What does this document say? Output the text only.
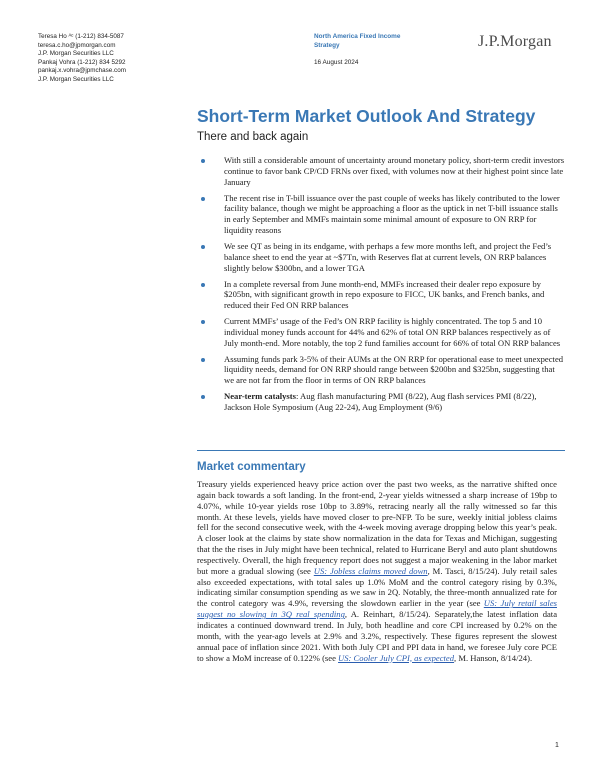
Teresa Ho ᴬᶜ (1-212) 834-5087
teresa.c.ho@jpmorgan.com
J.P. Morgan Securities LLC
Pankaj Vohra (1-212) 834 5292
pankaj.x.vohra@jpmchase.com
J.P. Morgan Securities LLC
North America Fixed Income
Strategy
16 August 2024
J.P.Morgan
Short-Term Market Outlook And Strategy
There and back again
With still a considerable amount of uncertainty around monetary policy, short-term credit investors continue to favor bank CP/CD FRNs over fixed, with volumes now at their highest point since late January
The recent rise in T-bill issuance over the past couple of weeks has likely contributed to the lower facility balance, though we might be approaching a floor as the uptick in net T-bill issuance stalls in early September and MMFs maintain some minimal amount of exposure to ON RRP for liquidity reasons
We see QT as being in its endgame, with perhaps a few more months left, and project the Fed’s balance sheet to end the year at ~$7Tn, with Reserves flat at current levels, ON RRP balances slightly below $300bn, and a lower TGA
In a complete reversal from June month-end, MMFs increased their dealer repo exposure by $205bn, with significant growth in repo exposure to FICC, UK banks, and French banks, and reduced their Fed ON RRP balances
Current MMFs’ usage of the Fed’s ON RRP facility is highly concentrated. The top 5 and 10 individual money funds account for 44% and 62% of total ON RRP balances respectively as of July month-end. More notably, the top 2 fund families account for 66% of total ON RRP balances
Assuming funds park 3-5% of their AUMs at the ON RRP for operational ease to meet unexpected liquidity needs, demand for ON RRP should range between $200bn and $325bn, suggesting that we are not far from the floor in terms of ON RRP balances
Near-term catalysts: Aug flash manufacturing PMI (8/22), Aug flash services PMI (8/22), Jackson Hole Symposium (Aug 22-24), Aug Employment (9/6)
Market commentary
Treasury yields experienced heavy price action over the past two weeks, as the narrative shifted once again back towards a soft landing. In the front-end, 2-year yields witnessed a sharp increase of 19bp to 4.07%, while 10-year yields rose 10bp to 3.89%, retracing nearly all the rally witnessed so far this month. At these levels, yields have moved closer to pre-NFP. To be sure, weekly initial jobless claims fell for the second consecutive week, with the 4-week moving average dropping below this year’s peak. A closer look at the claims by state show normalization in the data for Texas and Michigan, suggesting that the the rises in July might have been technical, related to Hurricane Beryl and auto plant shutdowns respectively. Overall, the high frequency report does not suggest a major weakening in the labor market but more a gradual slowing (see US: Jobless claims moved down, M. Tasci, 8/15/24). July retail sales also exceeded expectations, with total sales up 1.0% MoM and the control category rising by 0.3%, indicating similar consumption spending as we saw in 2Q. Notably, the three-month annualized rate for the control category was 4.9%, reversing the slowdown earlier in the year (see US: July retail sales suggest no slowing in 3Q real spending, A. Reinhart, 8/15/24). Separately,the latest inflation data indicates a continued downward trend. In July, both headline and core CPI increased by 0.2% on the month, with the year-ago levels at 2.9% and 3.2%, respectively. These figures represent the slowest annual pace of inflation since 2021. With both July CPI and PPI data in hand, we foresee July core PCE to show a MoM increase of 0.122% (see US: Cooler July CPI, as expected, M. Hanson, 8/14/24).
1
